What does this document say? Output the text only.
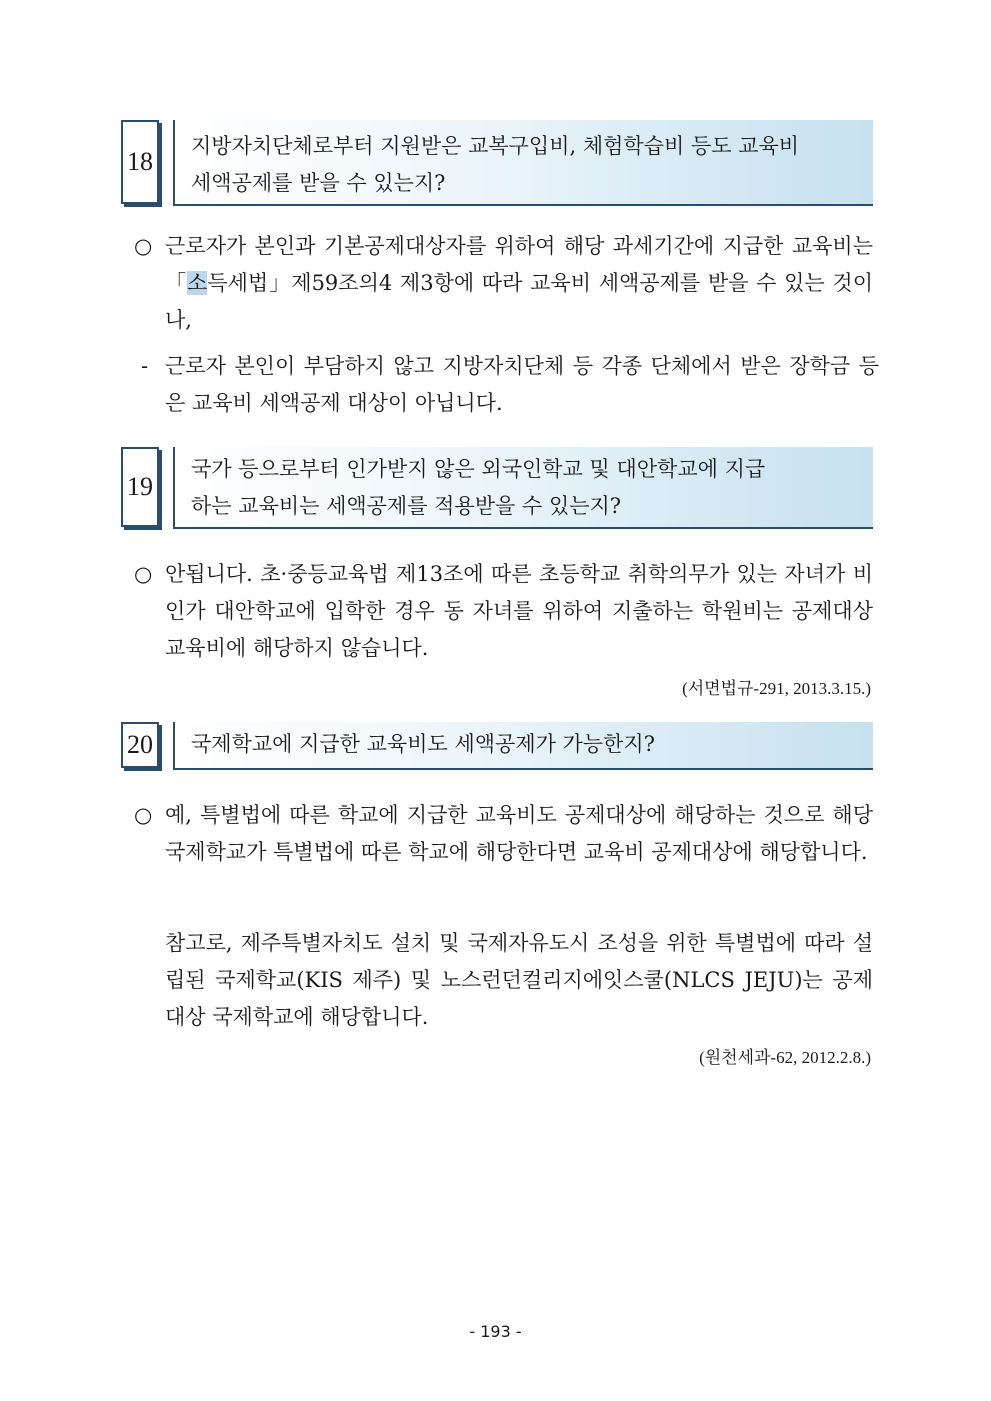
18
지방자치단체로부터 지원받은 교복구입비, 체험학습비 등도 교육비
세액공제를 받을 수 있는지?
○ 근로자가 본인과 기본공제대상자를 위하여 해당 과세기간에 지급한 교육비는「소득세법」제59조의4 제3항에 따라 교육비 세액공제를 받을 수 있는 것이나,
- 근로자 본인이 부담하지 않고 지방자치단체 등 각종 단체에서 받은 장학금 등은 교육비 세액공제 대상이 아닙니다.
19
국가 등으로부터 인가받지 않은 외국인학교 및 대안학교에 지급
하는 교육비는 세액공제를 적용받을 수 있는지?
○ 안됩니다. 초·중등교육법 제13조에 따른 초등학교 취학의무가 있는 자녀가 비인가 대안학교에 입학한 경우 동 자녀를 위하여 지출하는 학원비는 공제대상 교육비에 해당하지 않습니다.
(서면법규-291, 2013.3.15.)
20 국제학교에 지급한 교육비도 세액공제가 가능한지?
○ 예, 특별법에 따른 학교에 지급한 교육비도 공제대상에 해당하는 것으로 해당 국제학교가 특별법에 따른 학교에 해당한다면 교육비 공제대상에 해당합니다.
참고로, 제주특별자치도 설치 및 국제자유도시 조성을 위한 특별법에 따라 설립된 국제학교(KIS 제주) 및 노스런던컬리지에잇스쿨(NLCS JEJU)는 공제대상 국제학교에 해당합니다.
(원천세과-62, 2012.2.8.)
- 193 -
